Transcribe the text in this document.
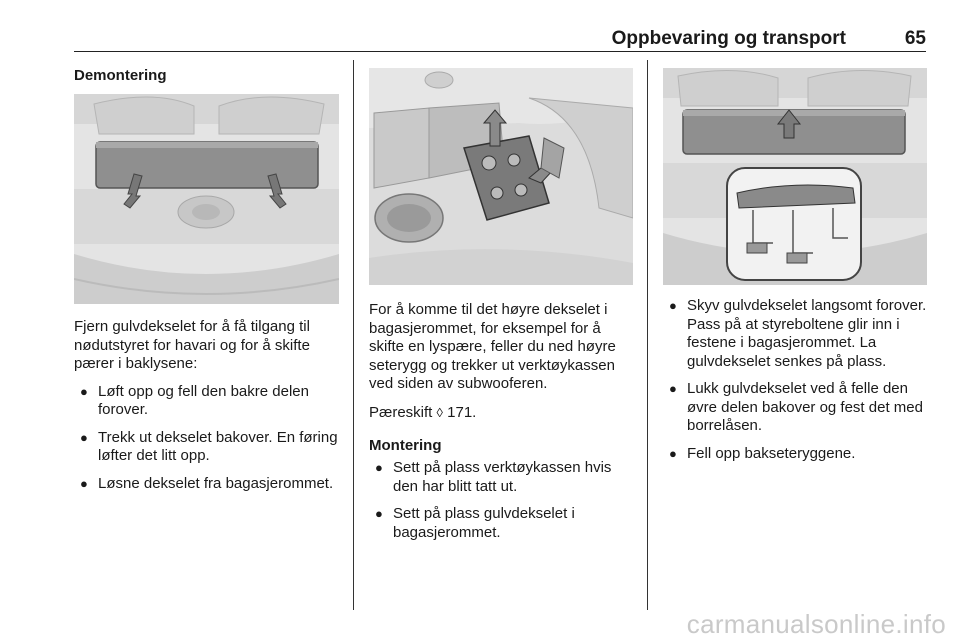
Oppbevaring og transport	65
Demontering
Fjern gulvdekselet for å få tilgang til nødutstyret for havari og for å skifte pærer i baklysene:
● Løft opp og fell den bakre delen forover.
● Trekk ut dekselet bakover. En føring løfter det litt opp.
● Løsne dekselet fra bagasjerommet.
For å komme til det høyre dekselet i bagasjerommet, for eksempel for å skifte en lyspære, feller du ned høyre seterygg og trekker ut verktøykassen ved siden av subwooferen.
Pæreskift ◊ 171.
Montering
● Sett på plass verktøykassen hvis den har blitt tatt ut.
● Sett på plass gulvdekselet i bagasjerommet.
● Skyv gulvdekselet langsomt forover. Pass på at styreboltene glir inn i festene i bagasjerommet. La gulvdekselet senkes på plass.
● Lukk gulvdekselet ved å felle den øvre delen bakover og fest det med borrelåsen.
● Fell opp bakseteryggene.
carmanualsonline.info
